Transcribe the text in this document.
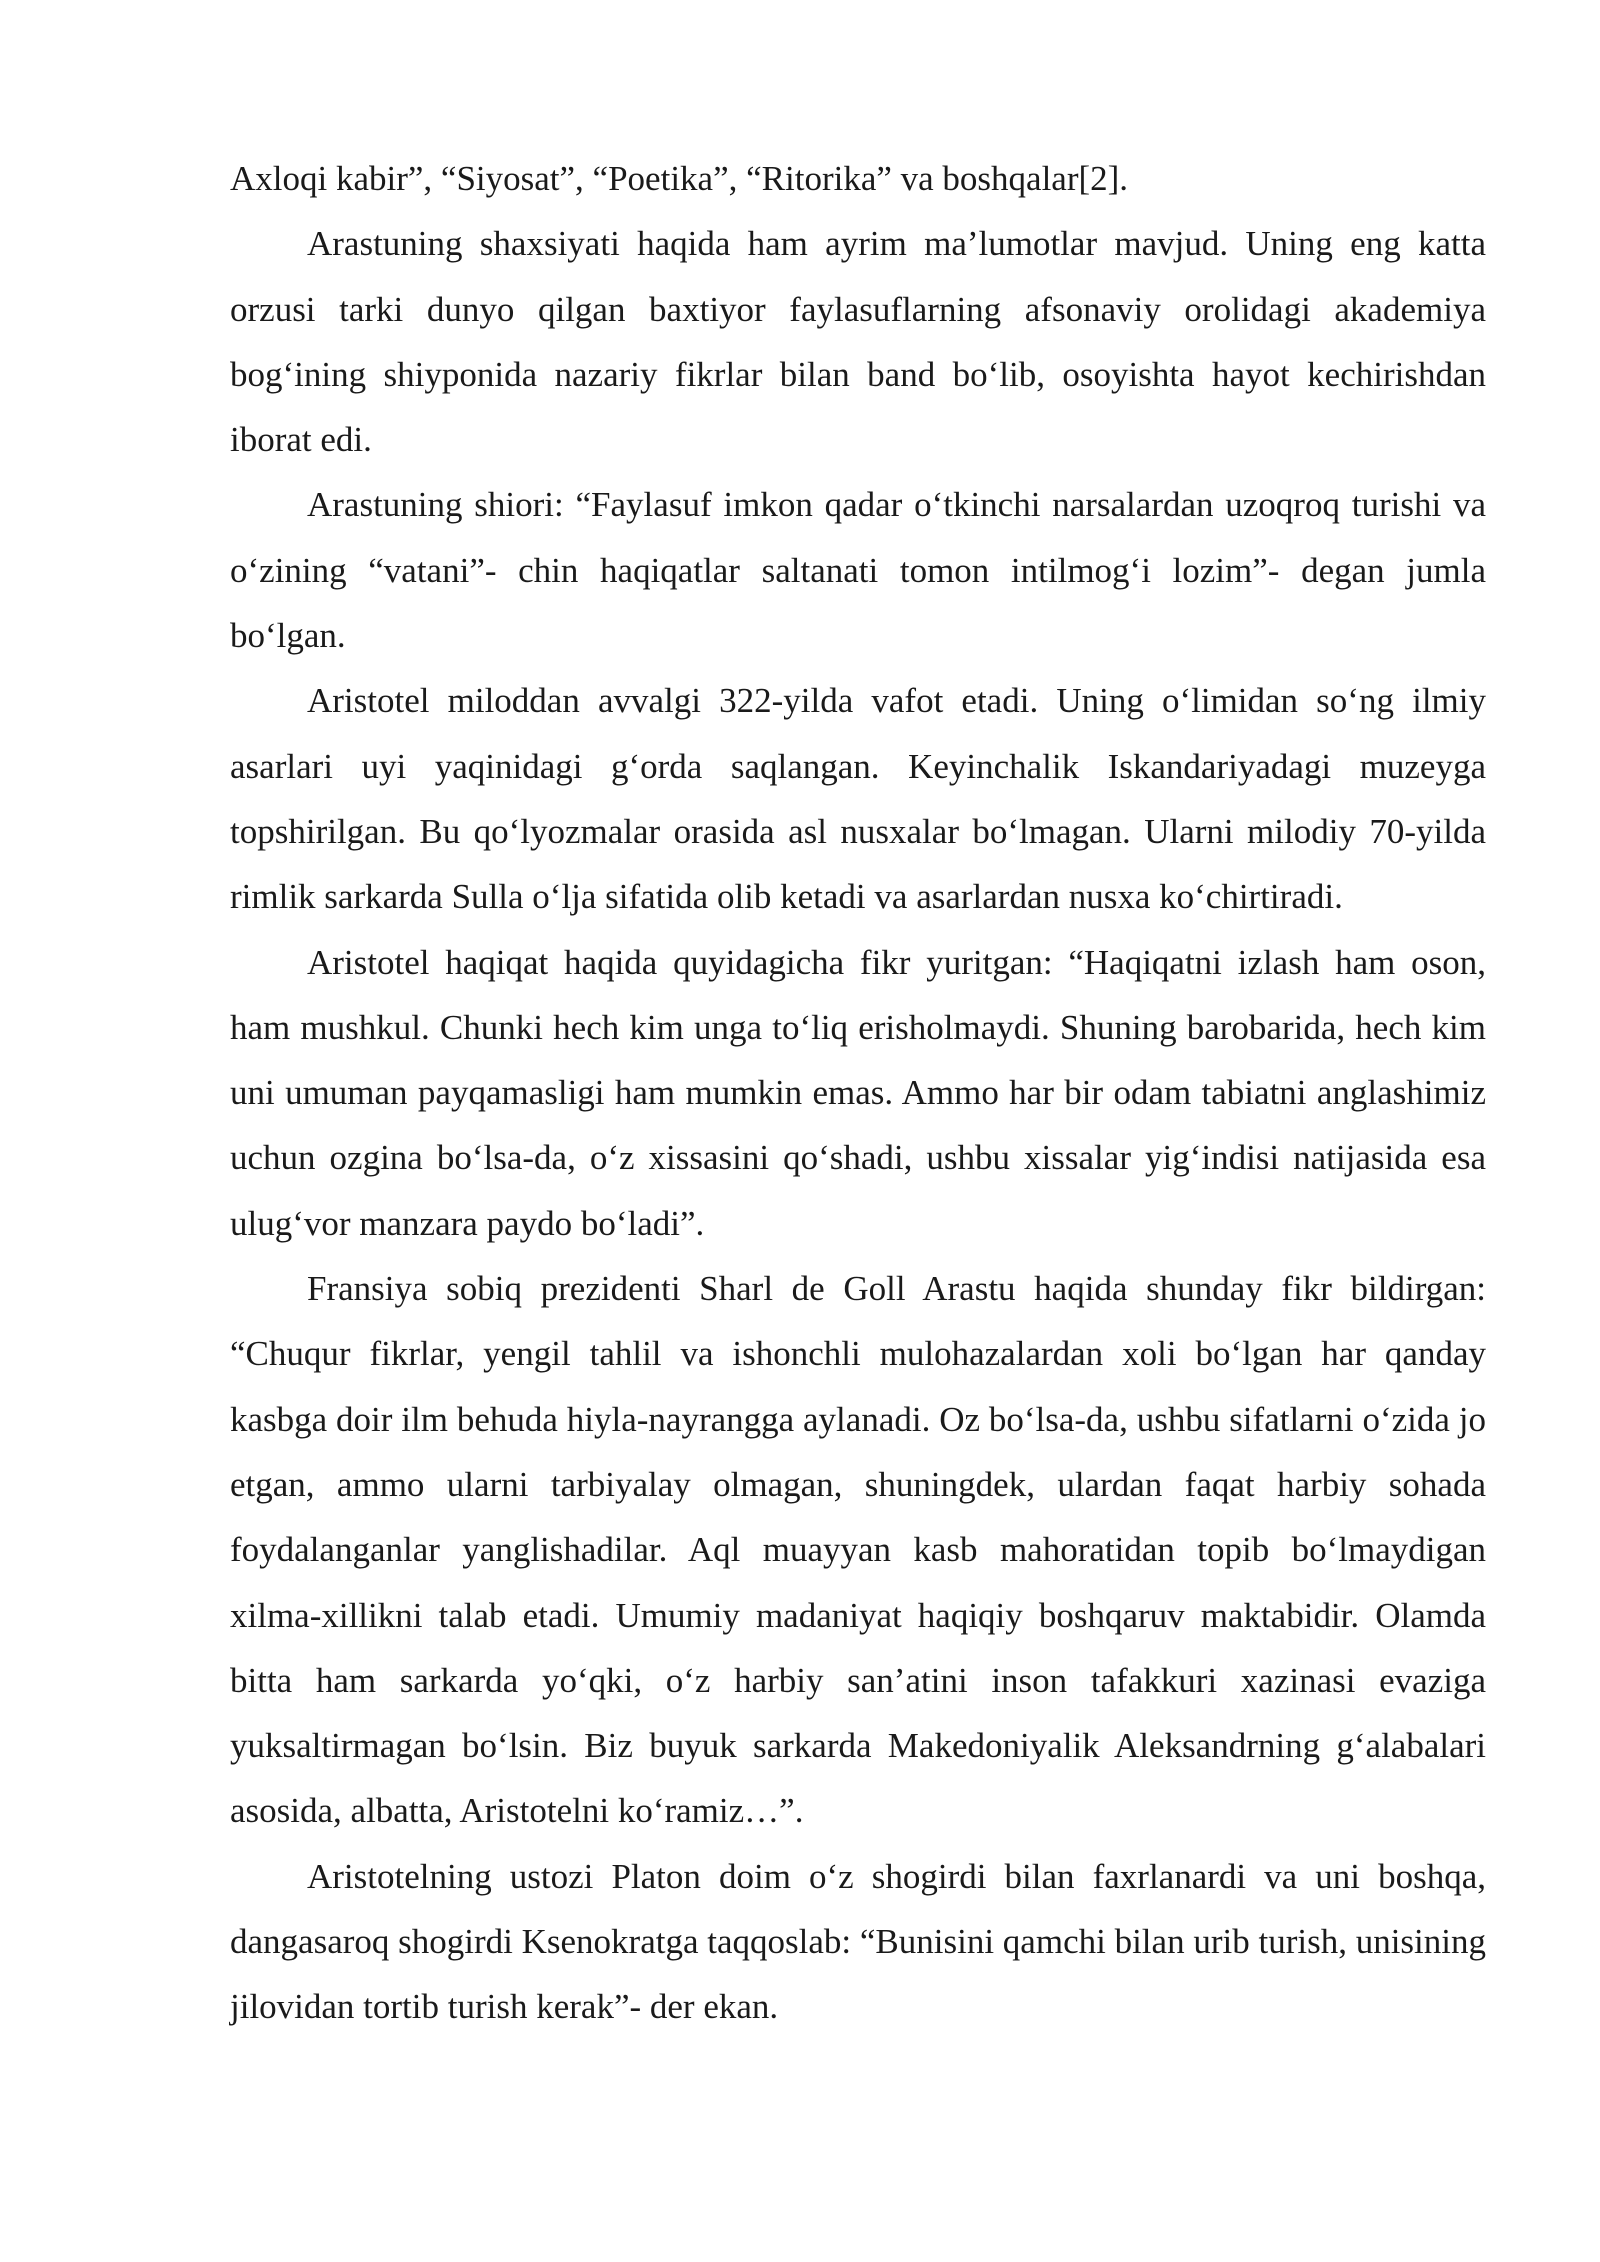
Axloqi kabir”, “Siyosat”, “Poetika”, “Ritorika” va boshqalar[2].

Arastuning shaxsiyati haqida ham ayrim ma’lumotlar mavjud. Uning eng katta orzusi tarki dunyo qilgan baxtiyor faylasuflarning afsonaviy orolidagi akademiya bog‘ining shiyponida nazariy fikrlar bilan band bo‘lib, osoyishta hayot kechirishdan iborat edi.

Arastuning shiori: “Faylasuf imkon qadar o‘tkinchi narsalardan uzoqroq turishi va o‘zining “vatani”- chin haqiqatlar saltanati tomon intilmog‘i lozim”- degan jumla bo‘lgan.

Aristotel miloddan avvalgi 322-yilda vafot etadi. Uning o‘limidan so‘ng ilmiy asarlari uyi yaqinidagi g‘orda saqlangan. Keyinchalik Iskandariyadagi muzeyga topshirilgan. Bu qo‘lyozmalar orasida asl nusxalar bo‘lmagan. Ularni milodiy 70-yilda rimlik sarkarda Sulla o‘lja sifatida olib ketadi va asarlardan nusxa ko‘chirtiradi.

Aristotel haqiqat haqida quyidagicha fikr yuritgan: “Haqiqatni izlash ham oson, ham mushkul. Chunki hech kim unga to‘liq erisholmaydi. Shuning barobarida, hech kim uni umuman payqamasligi ham mumkin emas. Ammo har bir odam tabiatni anglashimiz uchun ozgina bo‘lsa-da, o‘z xissasini qo‘shadi, ushbu xissalar yig‘indisi natijasida esa ulug‘vor manzara paydo bo‘ladi”.

Fransiya sobiq prezidenti Sharl de Goll Arastu haqida shunday fikr bildirgan: “Chuqur fikrlar, yengil tahlil va ishonchli mulohazalardan xoli bo‘lgan har qanday kasbga doir ilm behuda hiyla-nayrangga aylanadi. Oz bo‘lsa-da, ushbu sifatlarni o‘zida jo etgan, ammo ularni tarbiyalay olmagan, shuningdek, ulardan faqat harbiy sohada foydalanganlar yanglishadilar. Aql muayyan kasb mahoratidan topib bo‘lmaydigan xilma-xillikni talab etadi. Umumiy madaniyat haqiqiy boshqaruv maktabidir. Olamda bitta ham sarkarda yo‘qki, o‘z harbiy san’atini inson tafakkuri xazinasi evaziga yuksaltirmagan bo‘lsin. Biz buyuk sarkarda Makedoniyalik Aleksandrning g‘alabalari asosida, albatta, Aristotelni ko‘ramiz…”.

Aristotelning ustozi Platon doim o‘z shogirdi bilan faxrlanardi va uni boshqa, dangasaroq shogirdi Ksenokratga taqqoslab: “Bunisini qamchi bilan urib turish, unisining jilovidan tortib turish kerak”- der ekan.
